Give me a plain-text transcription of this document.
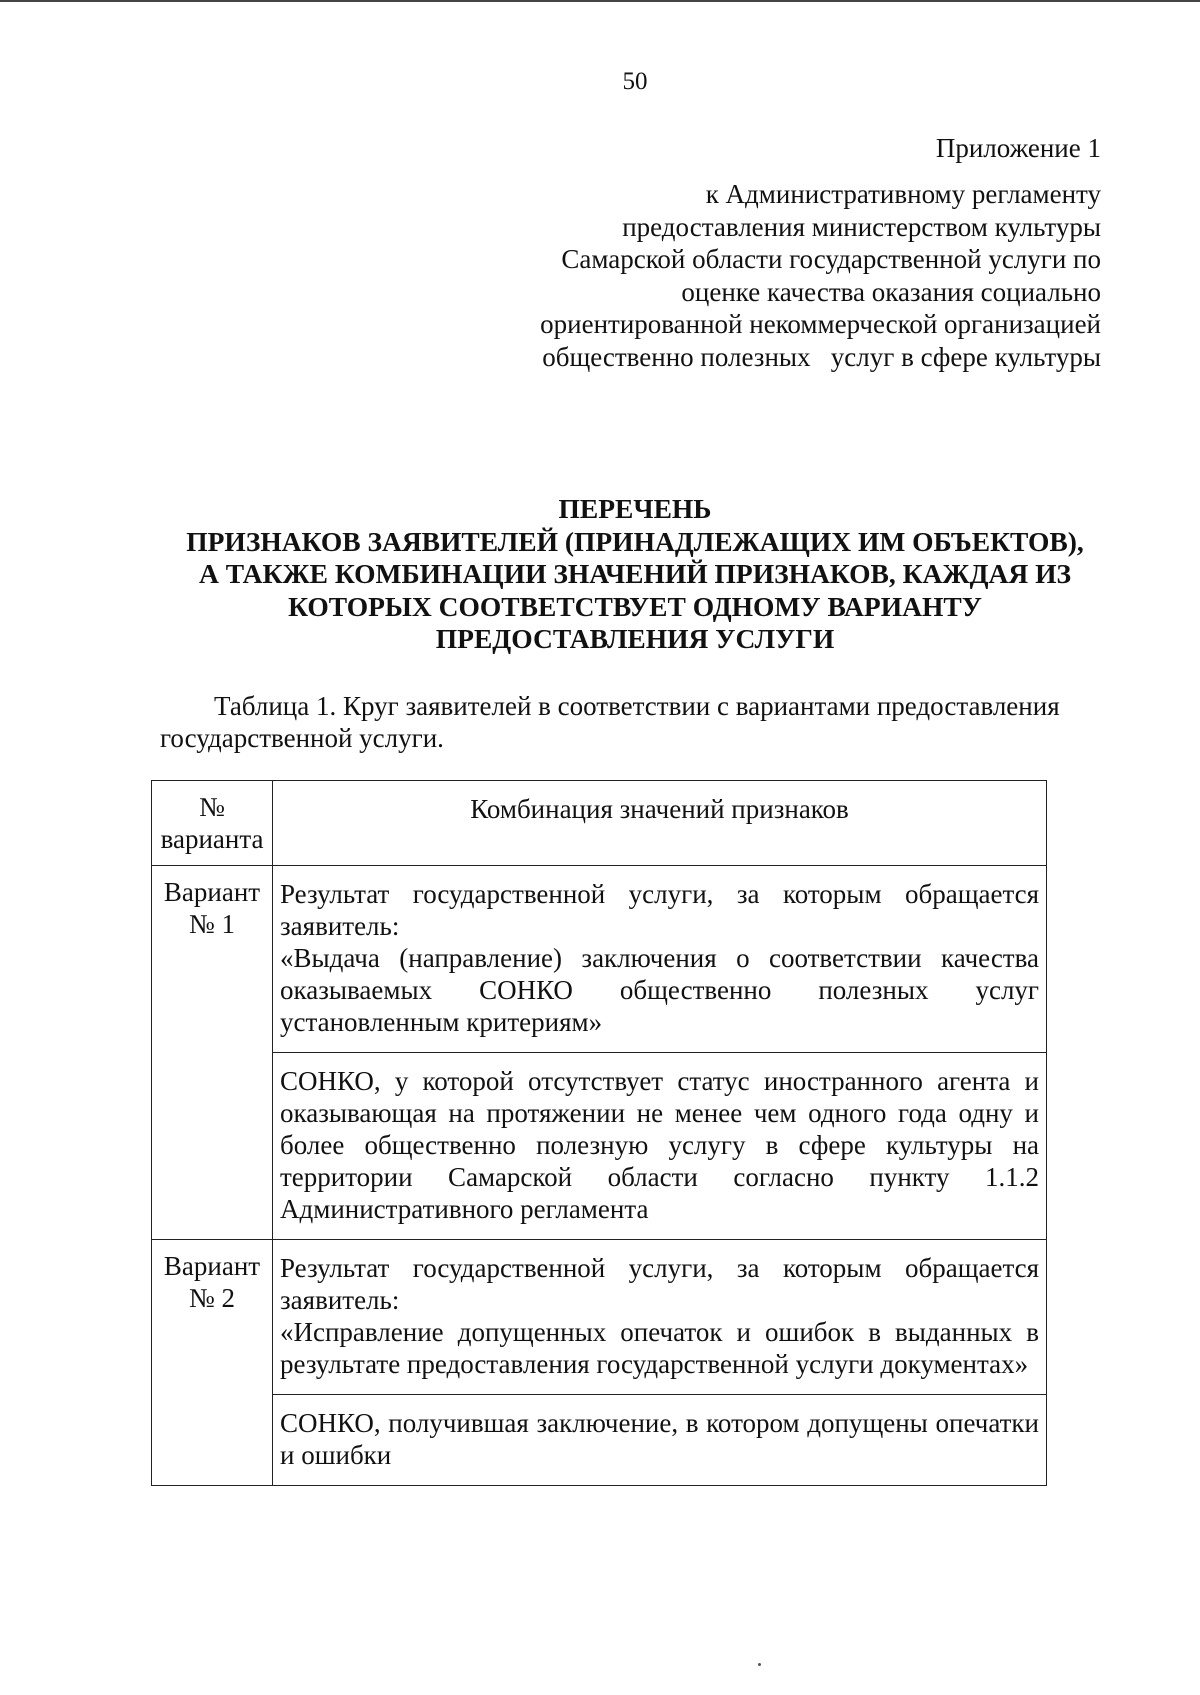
50
Приложение 1
к Административному регламенту
предоставления министерством культуры
Самарской области государственной услуги по
оценке качества оказания социально
ориентированной некоммерческой организацией
общественно полезных   услуг в сфере культуры
ПЕРЕЧЕНЬ
ПРИЗНАКОВ ЗАЯВИТЕЛЕЙ (ПРИНАДЛЕЖАЩИХ ИМ ОБЪЕКТОВ),
А ТАКЖЕ КОМБИНАЦИИ ЗНАЧЕНИЙ ПРИЗНАКОВ, КАЖДАЯ ИЗ
КОТОРЫХ СООТВЕТСТВУЕТ ОДНОМУ ВАРИАНТУ
ПРЕДОСТАВЛЕНИЯ УСЛУГИ
Таблица 1. Круг заявителей в соответствии с вариантами предоставления
государственной услуги.
№
варианта	Комбинация значений признаков
Вариант
№ 1	Результат государственной услуги, за которым обращается заявитель:
«Выдача (направление) заключения о соответствии качества оказываемых СОНКО общественно полезных услуг установленным критериям»

	СОНКО, у которой отсутствует статус иностранного агента и оказывающая на протяжении не менее чем одного года одну и более общественно полезную услугу в сфере культуры на территории Самарской области согласно пункту 1.1.2 Административного регламента

Вариант
№ 2	Результат государственной услуги, за которым обращается заявитель:
«Исправление допущенных опечаток и ошибок в выданных в результате предоставления государственной услуги документах»

	СОНКО, получившая заключение, в котором допущены опечатки и ошибки
